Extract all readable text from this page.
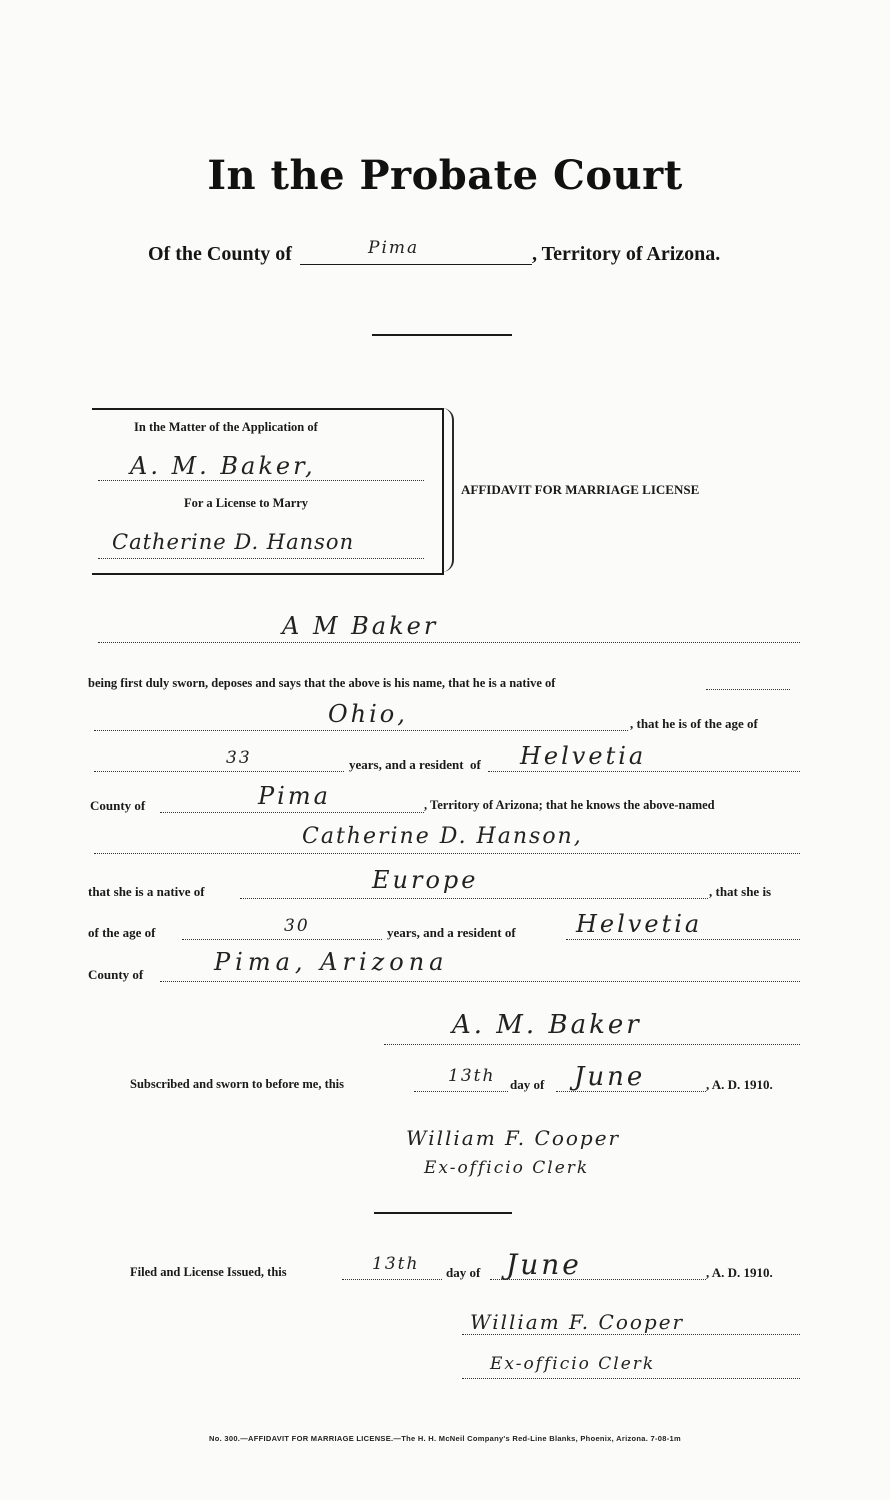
In the Probate Court
Of the County of	Pima	, Territory of Arizona.
In the Matter of the Application of
A. M. Baker,
For a License to Marry
Catherine D. Hanson
AFFIDAVIT FOR MARRIAGE LICENSE
A M Baker
being first duly sworn, deposes and says that the above is his name, that he is a native of
Ohio,	, that he is of the age of
33	years, and a resident of Helvetia
County of	Pima	, Territory of Arizona; that he knows the above-named
Catherine D. Hanson,
that she is a native of	Europe	, that she is
of the age of	30	years, and a resident of	Helvetia
County of	Pima, Arizona
A. M. Baker
Subscribed and sworn to before me, this	13th day of June	, A. D. 1910.
William F. Cooper
Ex-officio Clerk
Filed and License Issued, this	13th day of June	, A. D. 1910.
William F. Cooper
Ex-officio Clerk
No. 300.—AFFIDAVIT FOR MARRIAGE LICENSE.—The H. H. McNeil Company's Red-Line Blanks, Phoenix, Arizona. 7-08-1m
